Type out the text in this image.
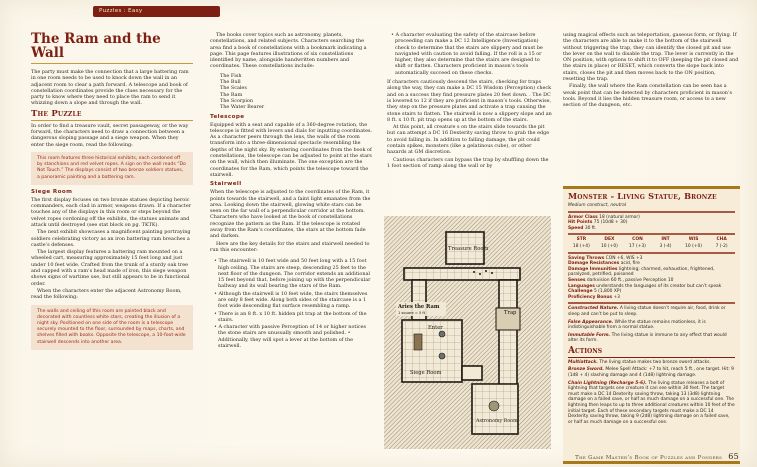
Puzzles : Easy
The Ram and the Wall

The party must make the connection that a large battering ram in one room needs to be used to knock down the wall in an adjacent room to clear a path forward. A telescope and book of constellation coordinates provide the clues necessary for the party to know where they need to place the ram to send it whizzing down a slope and through the wall.

The Puzzle

In order to find a treasure vault, secret passageway, or the way forward, the characters need to draw a connection between a dangerous sloping passage and a siege weapon. When they enter the siege room, read the following:

This room features three historical exhibits, each cordoned off by stanchions and red velvet ropes. A sign on the wall reads “Do Not Touch.” The displays consist of two bronze soldiers statues, a panoramic painting and a battering ram.
Siege Room

The first display focuses on two bronze statues depicting heroic commanders, each clad in armor, weapons drawn. If a character touches any of the displays in this room or steps beyond the velvet ropes cordoning off the exhibits, the statues animate and attack until destroyed (see stat block on pg. TKTK).

The next exhibit showcases a magnificent painting portraying soldiers celebrating victory as an iron battering ram breaches a castle’s defenses.

The largest display features a battering ram mounted on a wheeled cart, measuring approximately 15 feet long and just under 10 feet wide. Crafted from the trunk of a sturdy oak tree and capped with a ram’s head made of iron, this siege weapon shows signs of wartime use, but still appears to be in functional order.

When the characters enter the adjacent Astronomy Room, read the following:

The walls and ceiling of this room are painted black and decorated with countless white stars, creating the illusion of a night sky. Positioned on one side of the room is a telescope securely mounted to the floor, surrounded by maps, charts, and shelves filled with books. Opposite the telescope, a 10-foot-wide stairwell descends into another area.

The books cover topics such as astronomy, planets, constellations, and related subjects. Characters searching the area find a book of constellations with a bookmark indicating a page. This page features illustrations of six constellations identified by name, alongside handwritten numbers and coordinates. These constellations include:

The Fish
The Bull
The Scales
The Ram
The Scorpion
The Water Bearer
Telescope

Equipped with a seat and capable of a 360-degree rotation, the telescope is fitted with levers and dials for inputting coordinates. As a character peers through the lens, the walls of the room transform into a three-dimensional spectacle resembling the depths of the night sky. By entering coordinates from the book of constellations, the telescope can be adjusted to point at the stars on the wall, which then illuminate. The one exception are the coordinates for the Ram, which points the telescope toward the stairwell.

Stairwell

When the telescope is adjusted to the coordinates of the Ram, it points towards the stairwell, and a faint light emanates from the area. Looking down the stairwell, glowing white stars can be seen on the far wall of a perpendicular corridor at the bottom. Characters who have looked at the book of constellations recognize the pattern as the Ram. If the telescope is rotated away from the Ram’s coordinates, the stars at the bottom fade and darken.

Here are the key details for the stairs and stairwell needed to run this encounter:

• The stairwell is 10 feet wide and 50 feet long with a 15 foot high ceiling. The stairs are steep, descending 25 feet to the next floor of the dungeon. The corridor extends an additional 15 feet beyond that, before joining up with the perpendicular hallway and its wall bearing the stars of the Ram.
• Although the stairwell is 10 feet wide, the stairs themselves are only 8 feet wide. Along both sides of the staircase is a 1 foot wide descending flat surface resembling a ramp.
• There is an 8 ft. x 10 ft. hidden pit trap at the bottom of the stairs.
• A character with passive Perception of 14 or higher notices the stone stairs are unusually smooth and polished. • Additionally, they will spot a lever at the bottom of the stairwell.
• A character evaluating the safety of the staircase before proceeding can make a DC 12 Intelligence (Investigation) check to determine that the stairs are slippery and must be navigated with caution to avoid falling. If the roll is a 15 or higher, they also determine that the stairs are designed to shift or flatten. Characters proficient in mason’s tools automatically succeed on these checks.

If characters cautiously descend the stairs, checking for traps along the way, they can make a DC 15 Wisdom (Perception) check and on a success they find pressure plates 20 feet down. . The DC is lowered to 12 if they are proficient in mason’s tools. Otherwise, they step on the pressure plates and activate a trap causing the stone stairs to flatten. The stairwell is now a slippery slope and an 8 ft. x 10 ft. pit trap opens up at the bottom of the stairs.

At this point, all creature s on the stairs slide towards the pit but can attempt a DC 16 Dexterity saving throw to grab the edge to avoid falling in. In addition to falling damage, the pit could contain spikes, monsters (like a gelatinous cube), or other hazards at GM discretion.

Cautious characters can bypass the trap by shuffling down the 1 foot section of ramp along the wall or by

Treasure Room
Aries the Ram
1 square = 5 ft
Enter
Siege Room
Trap
Astronomy Room

using magical effects such as teleportation, gaseous form, or flying. If the characters are able to make it to the bottom of the stairwell without triggering the trap, they can identify the closed pit and use the lever on the wall to disable the trap. The lever is currently in the ON position, with options to shift it to OFF (keeping the pit closed and the stairs in place) or RESET, which converts the slope back into stairs, closes the pit and then moves back to the ON position, resetting the trap.

Finally, the wall where the Ram constellation can be seen has a weak point that can be detected by characters proficient in mason’s tools. Beyond it lies the hidden treasure room, or access to a new section of the dungeon, etc.

Monster - Living Statue, Bronze
Medium construct, neutral
Armor Class 18 (natural armor)
Hit Points 75 (10d8 + 30)
Speed 30 ft.
STR	DEX	CON	INT	WIS	CHA
18 (+4)	10 (+0)	17 (+3)	3 (-4)	10 (+0)	7 (-2)
Saving Throws CON +6, WIS +3
Damage Resistances acid, fire
Damage Immunities lightning; charmed, exhaustion, frightened, paralyzed, petrified, poisoned
Senses darkvision 60 ft., passive Perception 10
Languages understands the languages of its creator but can’t speak
Challenge 5 (1,800 XP)
Proficiency Bonus +3

Constructed Nature. A living statue doesn’t require air, food, drink or sleep and can’t be put to sleep.

False Appearance. While the statue remains motionless, it is indistinguishable from a normal statue.

Immutable Form. The living statue is immune to any effect that would alter its form.

Actions

Multiattack. The living statue makes two bronze sword attacks.

Bronze Sword. Melee Spell Attack: +7 to hit, reach 5 ft., one target. Hit: 9 (1d8 + 4) slashing damage and 4 (1d8) lightning damage.

Chain Lightning (Recharge 5-6). The living statue releases a bolt of lightning that targets one creature it can see within 30 feet. The target must make a DC 14 Dexterity saving throw, taking 13 (3d8) lightning damage on a failed save, or half as much damage on a successful one. The lightning then leaps to up to three additional creatures within 10 feet of the initial target. Each of these secondary targets must make a DC 14 Dexterity saving throw, taking 9 (2d8) lightning damage on a failed save, or half as much damage on a successful one.

The Game Master’s Book of Puzzles and Ponders 65
